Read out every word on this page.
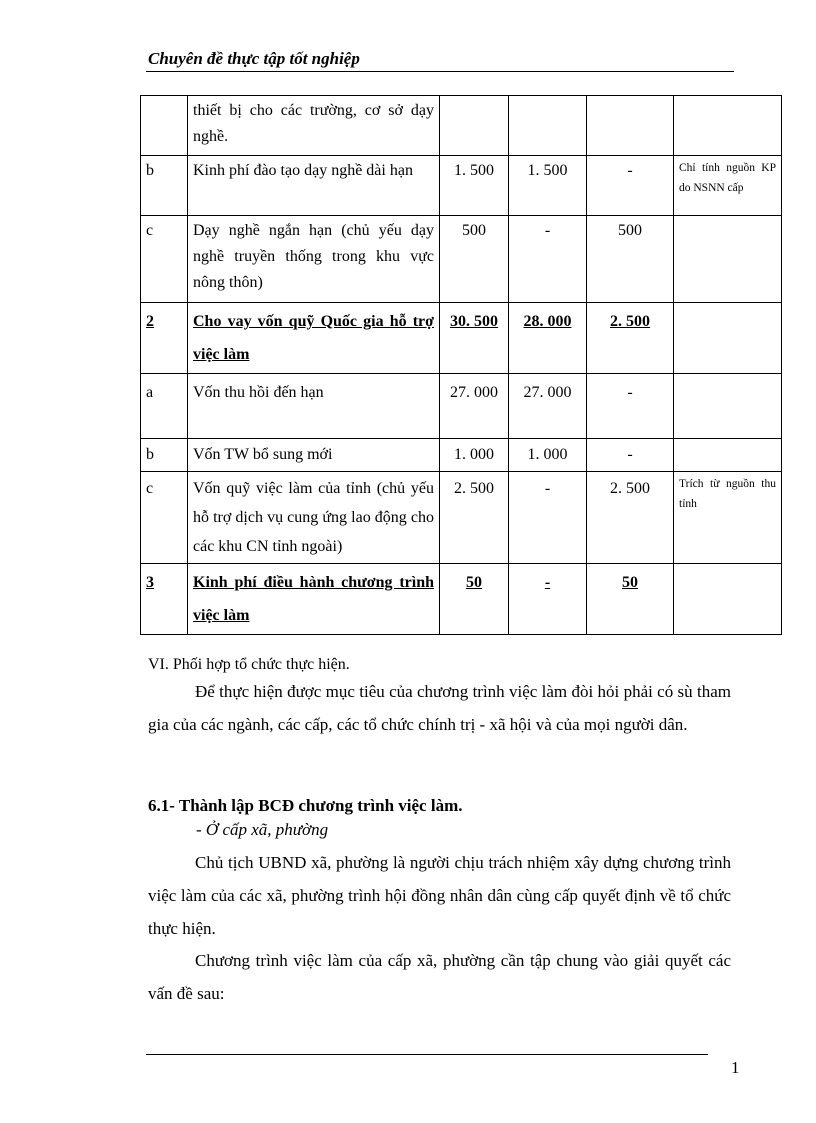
Chuyên đề thực tập tốt nghiệp
	thiết bị cho các trường, cơ sở dạy nghề.				
b	Kinh phí đào tạo dạy nghề dài hạn	1. 500	1. 500	-	Chỉ tính nguồn KP do NSNN cấp
c	Dạy nghề ngắn hạn (chủ yếu dạy nghề truyền thống trong khu vực nông thôn)	500	-	500	
2	Cho vay vốn quỹ Quốc gia hỗ trợ việc làm	30. 500	28. 000	2. 500	
a	Vốn thu hồi đến hạn	27. 000	27. 000	-	
b	Vốn TW bổ sung mới	1. 000	1. 000	-	
c	Vốn quỹ việc làm của tỉnh (chủ yếu hỗ trợ dịch vụ cung ứng lao động cho các khu CN tỉnh ngoài)	2. 500	-	2. 500	Trích từ nguồn thu tỉnh
3	Kinh phí điều hành chương trình việc làm	50	-	50	
VI. Phối hợp tổ chức thực hiện.
Để thực hiện được mục tiêu của chương trình việc làm đòi hỏi phải có sù tham gia của các ngành, các cấp, các tổ chức chính trị - xã hội và của mọi người dân.
6.1- Thành lập BCĐ chương trình việc làm.
- Ở cấp xã, phường
Chủ tịch UBND xã, phường là người chịu trách nhiệm xây dựng chương trình việc làm của các xã, phường trình hội đồng nhân dân cùng cấp quyết định về tổ chức thực hiện.
Chương trình việc làm của cấp xã, phường cần tập chung vào giải quyết các vấn đề sau:
1
